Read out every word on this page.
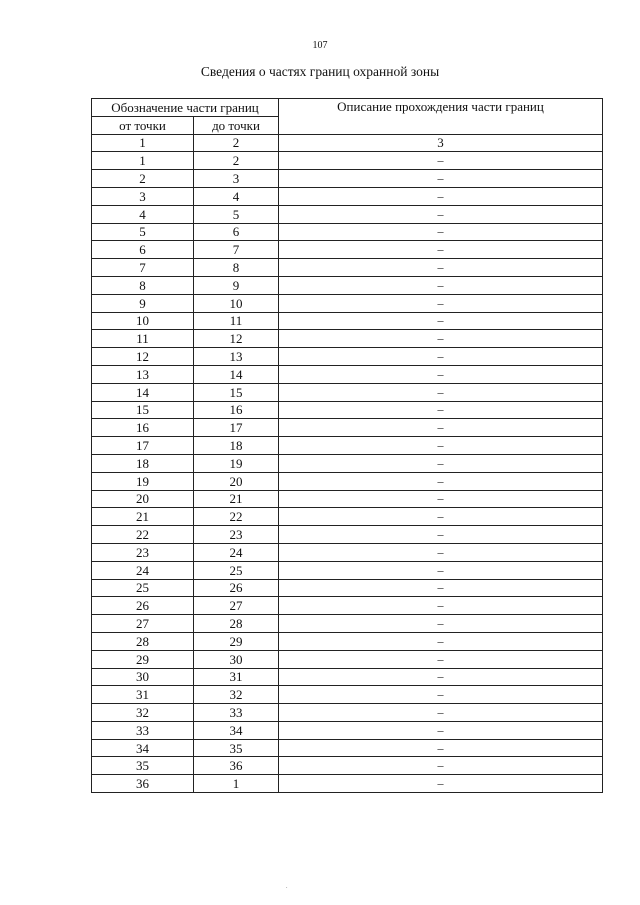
107
Сведения о частях границ охранной зоны
Обозначение части границ		Описание прохождения части границ
от точки	до точки	
1	2	3
1	2	–
2	3	–
3	4	–
4	5	–
5	6	–
6	7	–
7	8	–
8	9	–
9	10	–
10	11	–
11	12	–
12	13	–
13	14	–
14	15	–
15	16	–
16	17	–
17	18	–
18	19	–
19	20	–
20	21	–
21	22	–
22	23	–
23	24	–
24	25	–
25	26	–
26	27	–
27	28	–
28	29	–
29	30	–
30	31	–
31	32	–
32	33	–
33	34	–
34	35	–
35	36	–
36	1	–
.
